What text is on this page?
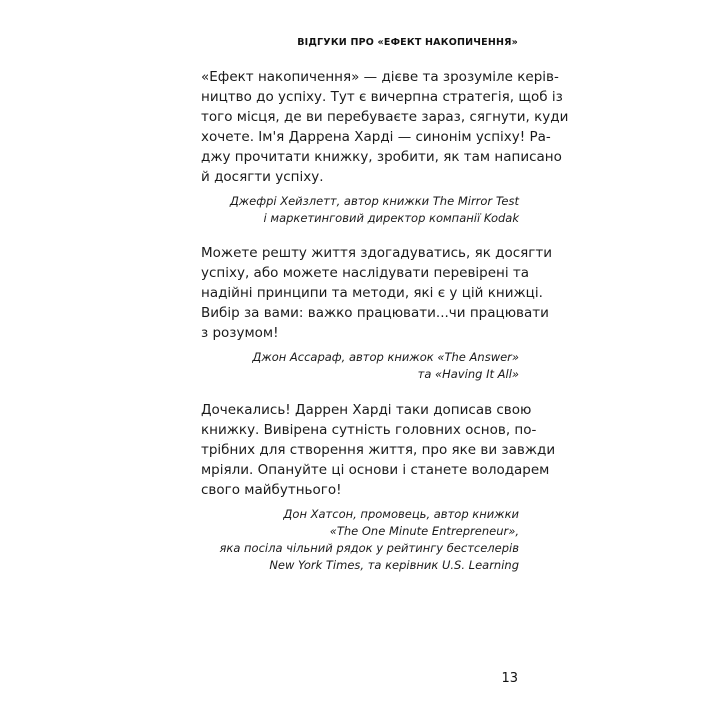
ВІДГУКИ ПРО «ЕФЕКТ НАКОПИЧЕННЯ»

«Ефект накопичення» — дієве та зрозуміле керів-
ництво до успіху. Тут є вичерпна стратегія, щоб із
того місця, де ви перебуваєте зараз, сягнути, куди
хочете. Ім'я Даррена Харді — синонім успіху! Ра-
джу прочитати книжку, зробити, як там написано
й досягти успіху.

Джефрі Хейзлетт, автор книжки The Mirror Test
і маркетинговий директор компанії Kodak

Можете решту життя здогадуватись, як досягти
успіху, або можете наслідувати перевірені та
надійні принципи та методи, які є у цій книжці.
Вибір за вами: важко працювати...чи працювати
з розумом!

Джон Ассараф, автор книжок «The Answer»
та «Having It All»

Дочекались! Даррен Харді таки дописав свою
книжку. Вивірена сутність головних основ, по-
трібних для створення життя, про яке ви завжди
мріяли. Опануйте ці основи і станете володарем
свого майбутнього!

Дон Хатсон, промовець, автор книжки
«The One Minute Entrepreneur»,
яка посіла чільний рядок у рейтингу бестселерів
New York Times, та керівник U.S. Learning

13
